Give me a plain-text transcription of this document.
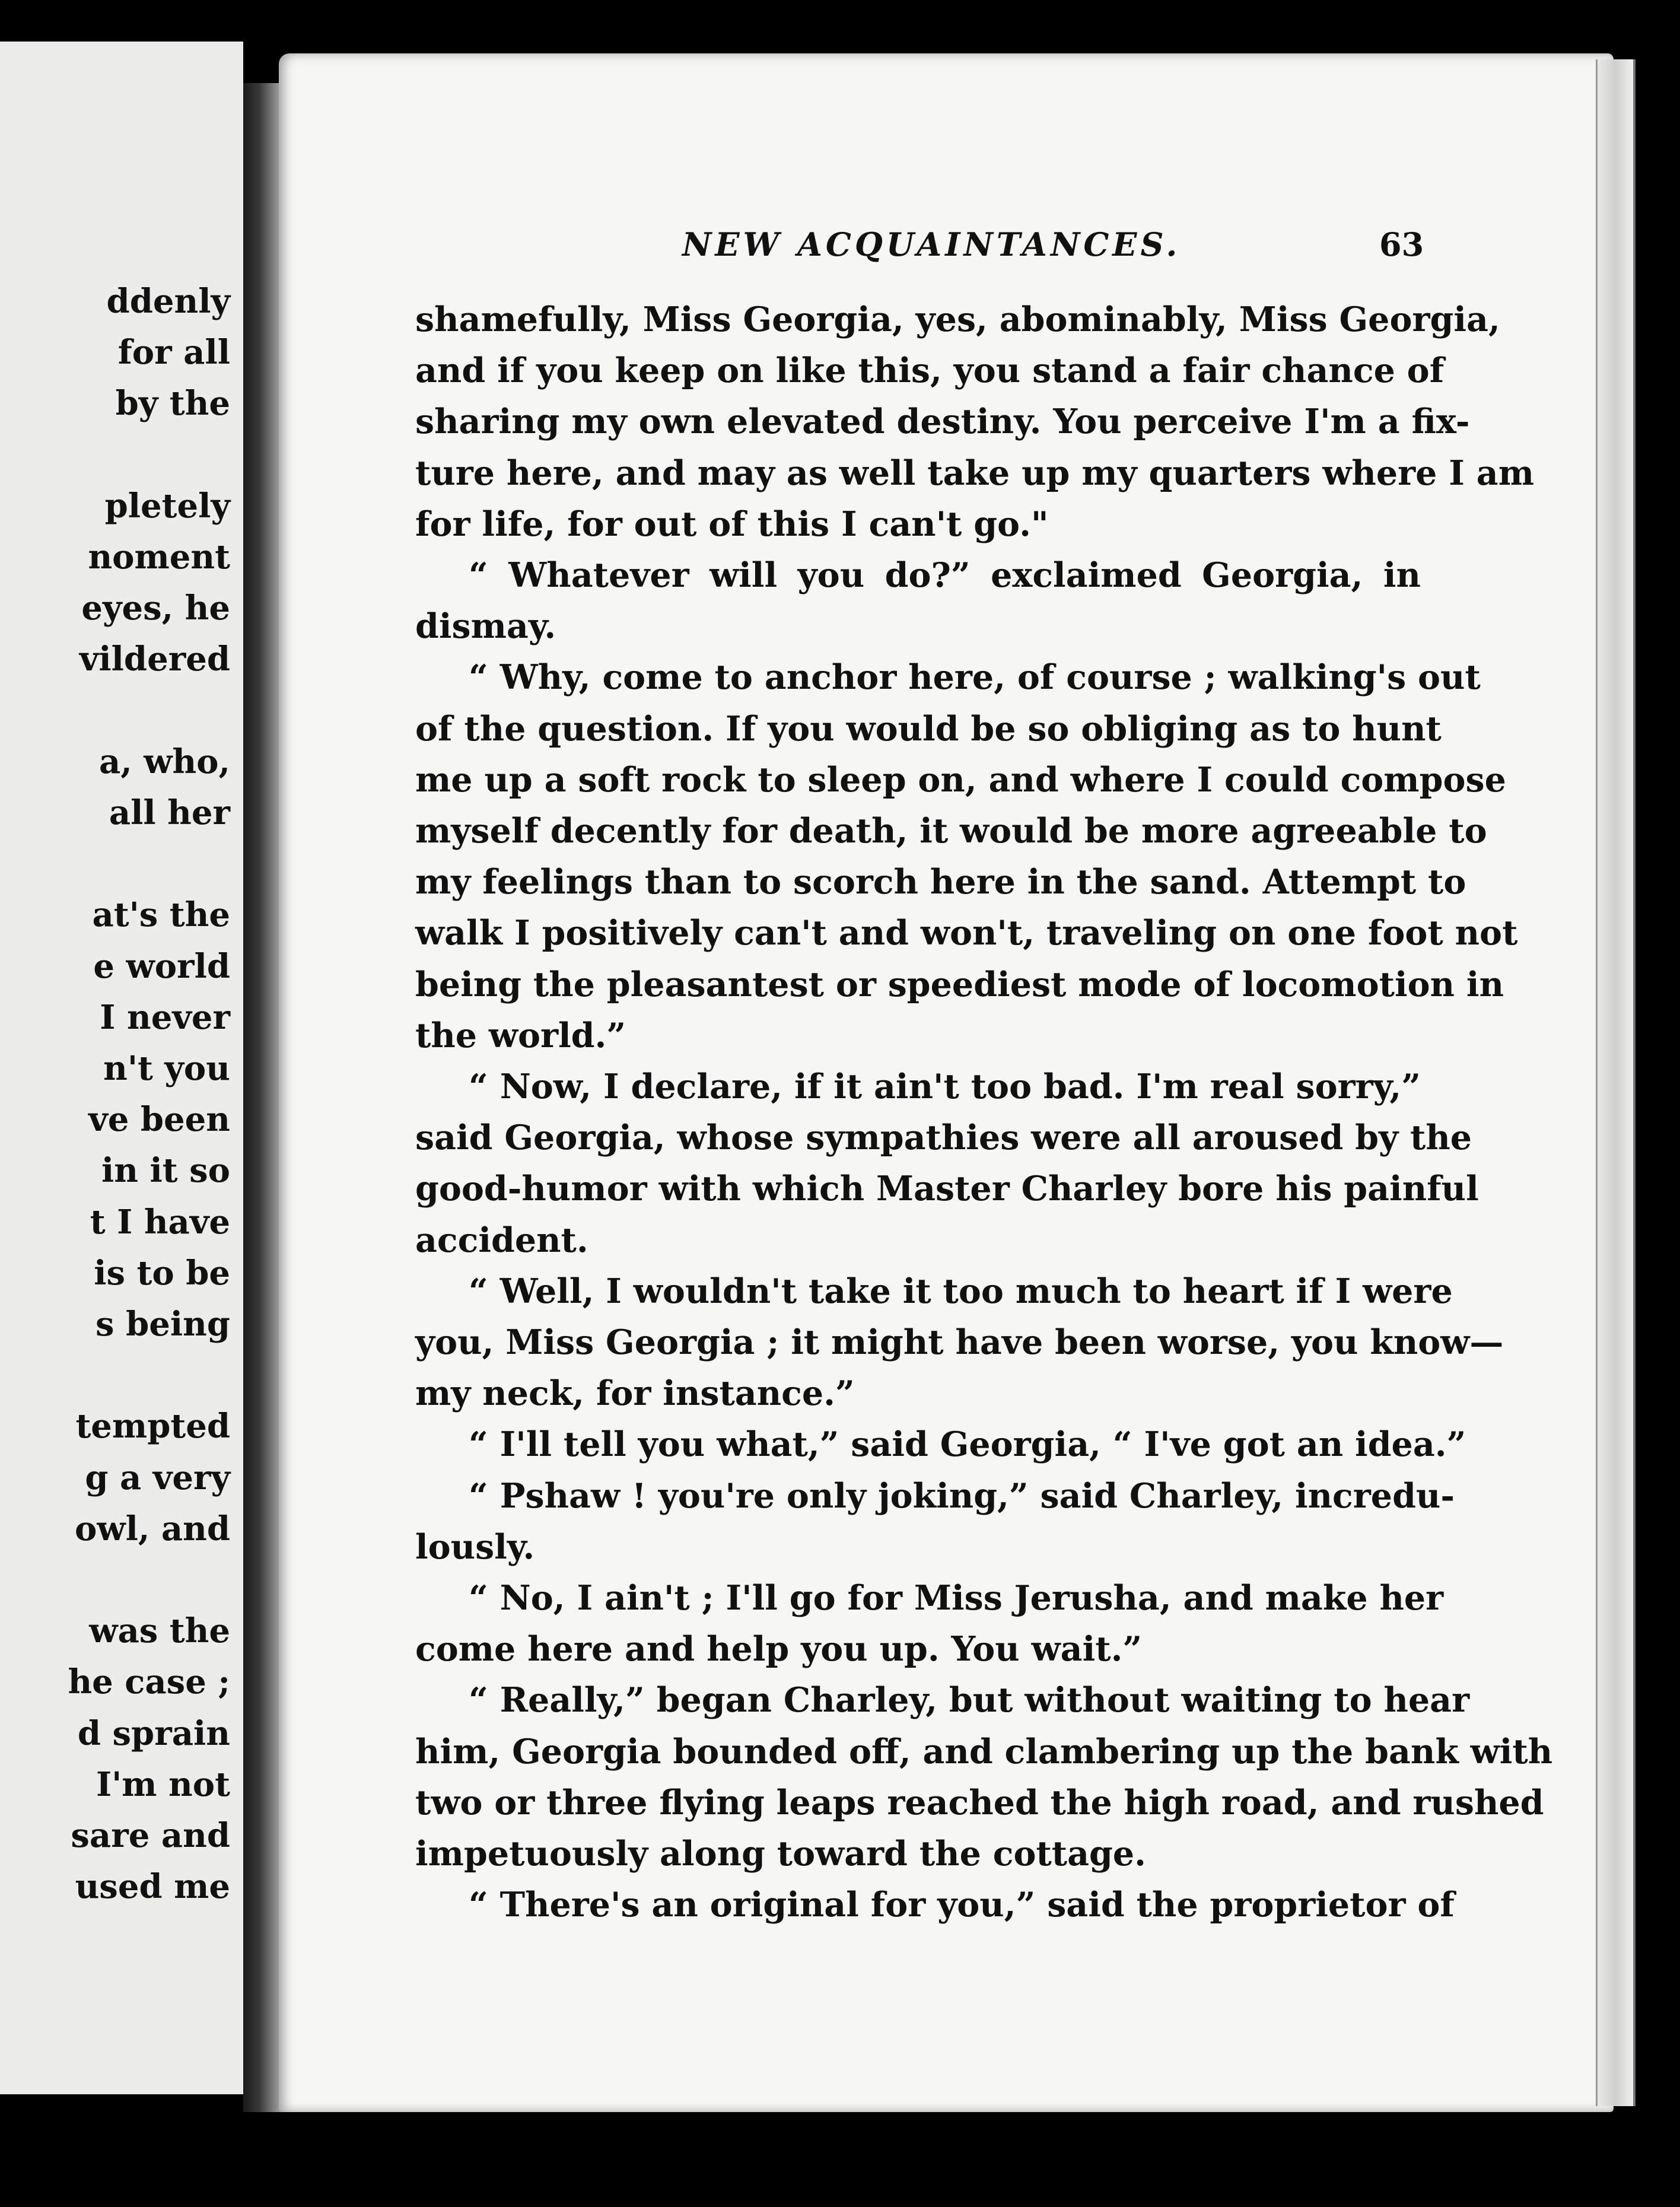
ddenly
for all
by the
pletely
noment
eyes, he
vildered
a, who,
all her
at's the
e world
I never
n't you
ve been
in it so
t I have
is to be
s being
tempted
g a very
owl, and
was the
he case ;
d sprain
I'm not
sare and
used me
NEW ACQUAINTANCES.	63
shamefully, Miss Georgia, yes, abominably, Miss Georgia,
and if you keep on like this, you stand a fair chance of
sharing my own elevated destiny. You perceive I'm a fix-
ture here, and may as well take up my quarters where I am
for life, for out of this I can't go."
“ Whatever will you do?” exclaimed Georgia, in
dismay.
“ Why, come to anchor here, of course ; walking's out
of the question. If you would be so obliging as to hunt
me up a soft rock to sleep on, and where I could compose
myself decently for death, it would be more agreeable to
my feelings than to scorch here in the sand. Attempt to
walk I positively can't and won't, traveling on one foot not
being the pleasantest or speediest mode of locomotion in
the world.”
“ Now, I declare, if it ain't too bad. I'm real sorry,”
said Georgia, whose sympathies were all aroused by the
good-humor with which Master Charley bore his painful
accident.
“ Well, I wouldn't take it too much to heart if I were
you, Miss Georgia ; it might have been worse, you know—
my neck, for instance.”
“ I'll tell you what,” said Georgia, “ I've got an idea.”
“ Pshaw ! you're only joking,” said Charley, incredu-
lously.
“ No, I ain't ; I'll go for Miss Jerusha, and make her
come here and help you up. You wait.”
“ Really,” began Charley, but without waiting to hear
him, Georgia bounded off, and clambering up the bank with
two or three flying leaps reached the high road, and rushed
impetuously along toward the cottage.
“ There's an original for you,” said the proprietor of
